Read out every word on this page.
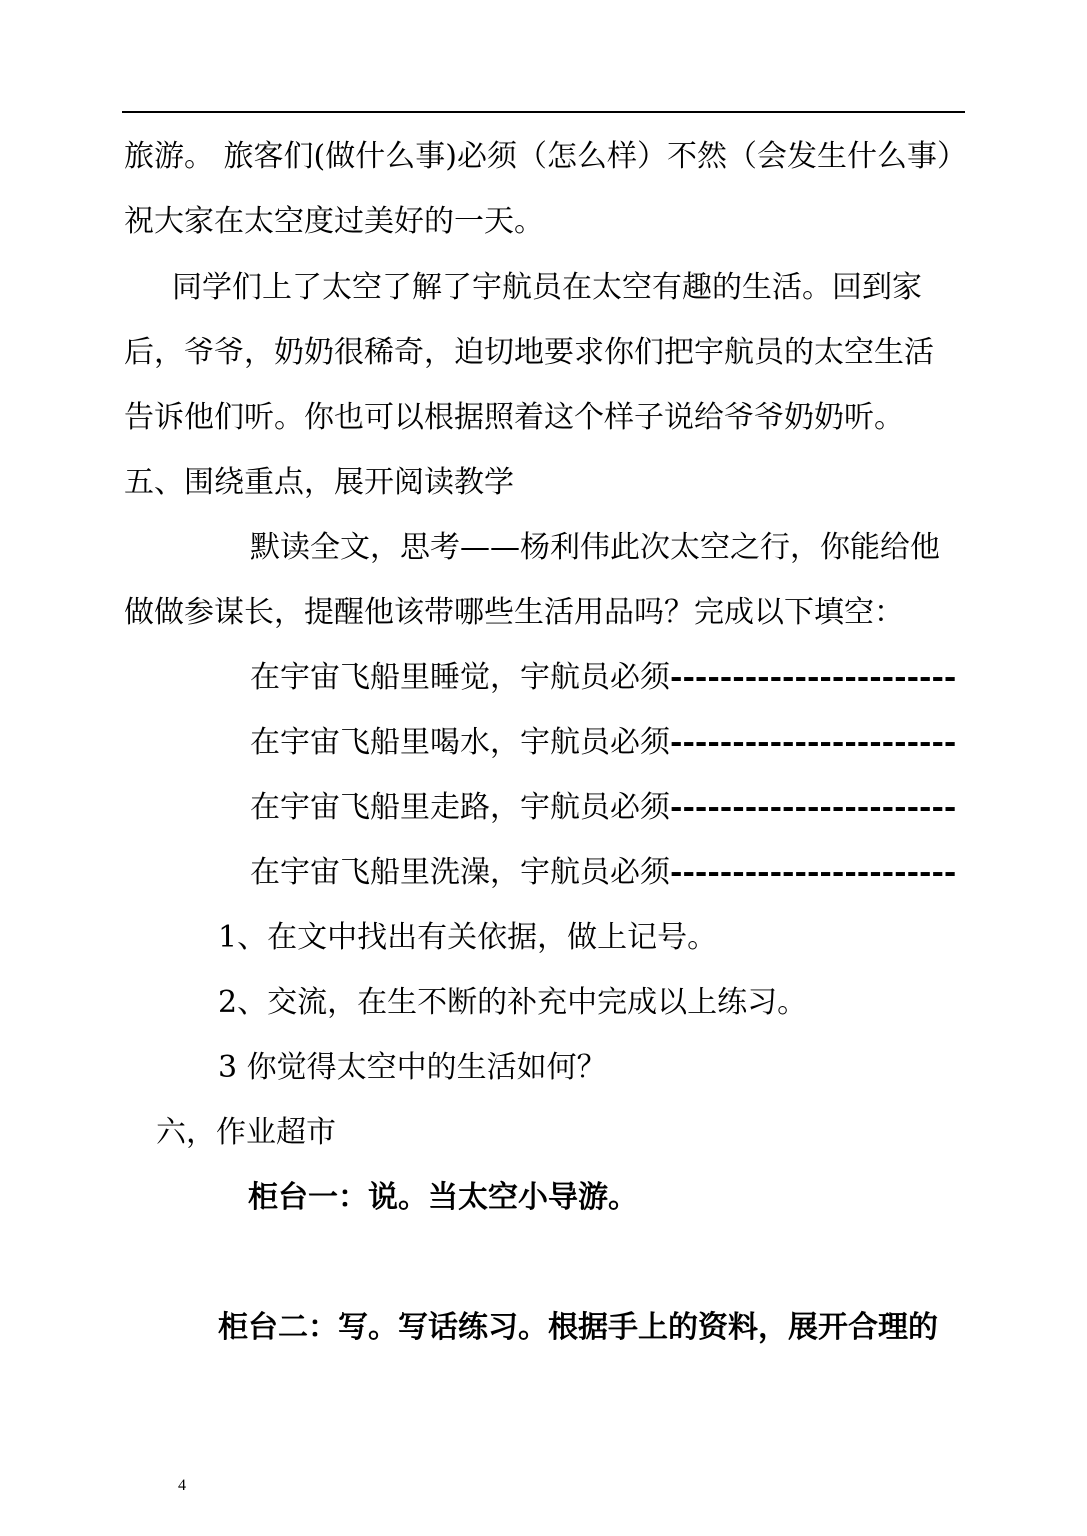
旅游。 旅客们(做什么事)必须（怎么样）不然（会发生什么事）
祝大家在太空度过美好的一天。
同学们上了太空了解了宇航员在太空有趣的生活。回到家
后，爷爷，奶奶很稀奇，迫切地要求你们把宇航员的太空生活
告诉他们听。你也可以根据照着这个样子说给爷爷奶奶听。
五、围绕重点，展开阅读教学
默读全文，思考——杨利伟此次太空之行，你能给他
做做参谋长，提醒他该带哪些生活用品吗？完成以下填空：
在宇宙飞船里睡觉，宇航员必须-----------------------
在宇宙飞船里喝水，宇航员必须-----------------------
在宇宙飞船里走路，宇航员必须-----------------------
在宇宙飞船里洗澡，宇航员必须-----------------------
1、在文中找出有关依据，做上记号。
2、交流，在生不断的补充中完成以上练习。
3 你觉得太空中的生活如何？
六，作业超市
柜台一：说。当太空小导游。
柜台二：写。写话练习。根据手上的资料，展开合理的
4
